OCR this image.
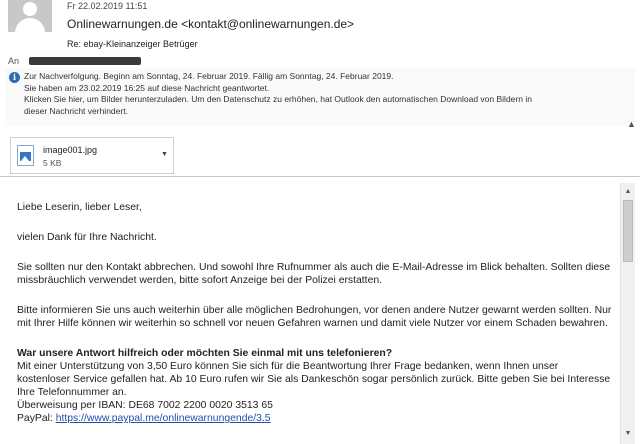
Fr 22.02.2019 11:51
Onlinewarnungen.de <kontakt@onlinewarnungen.de>
Re: ebay-Kleinanzeiger Betrüger
An
i Zur Nachverfolgung. Beginn am Sonntag, 24. Februar 2019. Fällig am Sonntag, 24. Februar 2019.
Sie haben am 23.02.2019 16:25 auf diese Nachricht geantwortet.
Klicken Sie hier, um Bilder herunterzuladen. Um den Datenschutz zu erhöhen, hat Outlook den automatischen Download von Bildern in
dieser Nachricht verhindert.
▲
image001.jpg
5 KB
▼

Liebe Leserin, lieber Leser,

vielen Dank für Ihre Nachricht.

Sie sollten nur den Kontakt abbrechen. Und sowohl Ihre Rufnummer als auch die E-Mail-Adresse im Blick behalten. Sollten diese missbräuchlich verwendet werden, bitte sofort Anzeige bei der Polizei erstatten.

Bitte informieren Sie uns auch weiterhin über alle möglichen Bedrohungen, vor denen andere Nutzer gewarnt werden sollten. Nur mit Ihrer Hilfe können wir weiterhin so schnell vor neuen Gefahren warnen und damit viele Nutzer vor einem Schaden bewahren.

War unsere Antwort hilfreich oder möchten Sie einmal mit uns telefonieren?

Mit einer Unterstützung von 3,50 Euro können Sie sich für die Beantwortung Ihrer Frage bedanken, wenn Ihnen unser kostenloser Service gefallen hat. Ab 10 Euro rufen wir Sie als Dankeschön sogar persönlich zurück. Bitte geben Sie bei Interesse Ihre Telefonnummer an.

Überweisung per IBAN: DE68 7002 2200 0020 3513 65

PayPal: https://www.paypal.me/onlinewarnungende/3.5

▲
▼
